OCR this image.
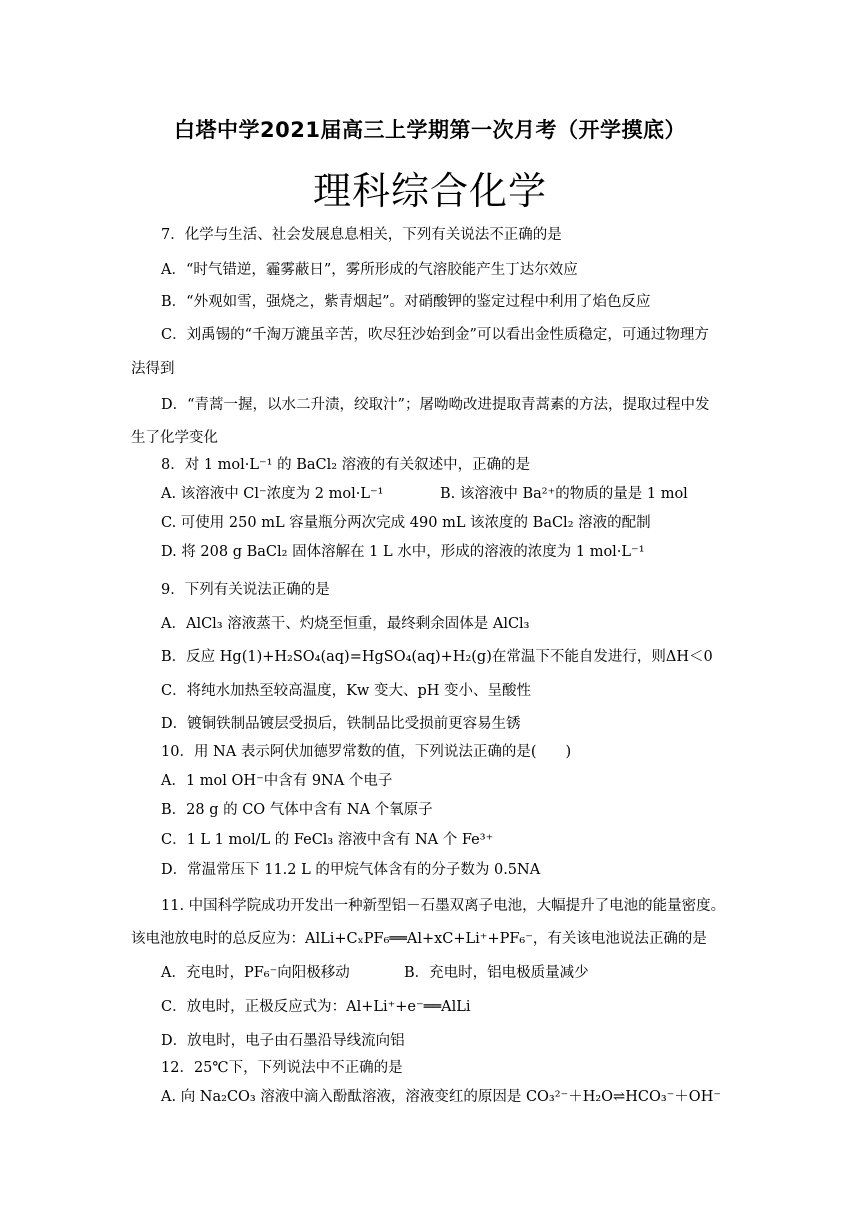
白塔中学2021届高三上学期第一次月考（开学摸底）
理科综合化学
7．化学与生活、社会发展息息相关，下列有关说法不正确的是
A．“时气错逆，霾雾蔽日”，雾所形成的气溶胶能产生丁达尔效应
B．“外观如雪，强烧之，紫青烟起”。对硝酸钾的鉴定过程中利用了焰色反应
C．刘禹锡的“千淘万漉虽辛苦，吹尽狂沙始到金”可以看出金性质稳定，可通过物理方
法得到
D．“青蒿一握，以水二升渍，绞取汁”；屠呦呦改进提取青蒿素的方法，提取过程中发
生了化学变化
8．对 1 mol·L⁻¹ 的 BaCl₂ 溶液的有关叙述中，正确的是
A. 该溶液中 Cl⁻浓度为 2 mol·L⁻¹	B. 该溶液中 Ba²⁺的物质的量是 1 mol
C. 可使用 250 mL 容量瓶分两次完成 490 mL 该浓度的 BaCl₂ 溶液的配制
D. 将 208 g BaCl₂ 固体溶解在 1 L 水中，形成的溶液的浓度为 1 mol·L⁻¹
9．下列有关说法正确的是
A．AlCl₃ 溶液蒸干、灼烧至恒重，最终剩余固体是 AlCl₃
B．反应 Hg(1)+H₂SO₄(aq)=HgSO₄(aq)+H₂(g)在常温下不能自发进行，则ΔH＜0
C．将纯水加热至较高温度，Kw 变大、pH 变小、呈酸性
D．镀铜铁制品镀层受损后，铁制品比受损前更容易生锈
10．用 NA 表示阿伏加德罗常数的值，下列说法正确的是(　　)
A．1 mol OH⁻中含有 9NA 个电子
B．28 g 的 CO 气体中含有 NA 个氧原子
C．1 L 1 mol/L 的 FeCl₃ 溶液中含有 NA 个 Fe³⁺
D．常温常压下 11.2 L 的甲烷气体含有的分子数为 0.5NA
11. 中国科学院成功开发出一种新型铝－石墨双离子电池，大幅提升了电池的能量密度。
该电池放电时的总反应为：AlLi+CₓPF₆══Al+xC+Li⁺+PF₆⁻，有关该电池说法正确的是
A．充电时，PF₆⁻向阳极移动	B．充电时，铝电极质量减少
C．放电时，正极反应式为：Al+Li⁺+e⁻══AlLi
D．放电时，电子由石墨沿导线流向铝
12．25℃下，下列说法中不正确的是
A. 向 Na₂CO₃ 溶液中滴入酚酞溶液，溶液变红的原因是 CO₃²⁻＋H₂O⇌HCO₃⁻＋OH⁻
